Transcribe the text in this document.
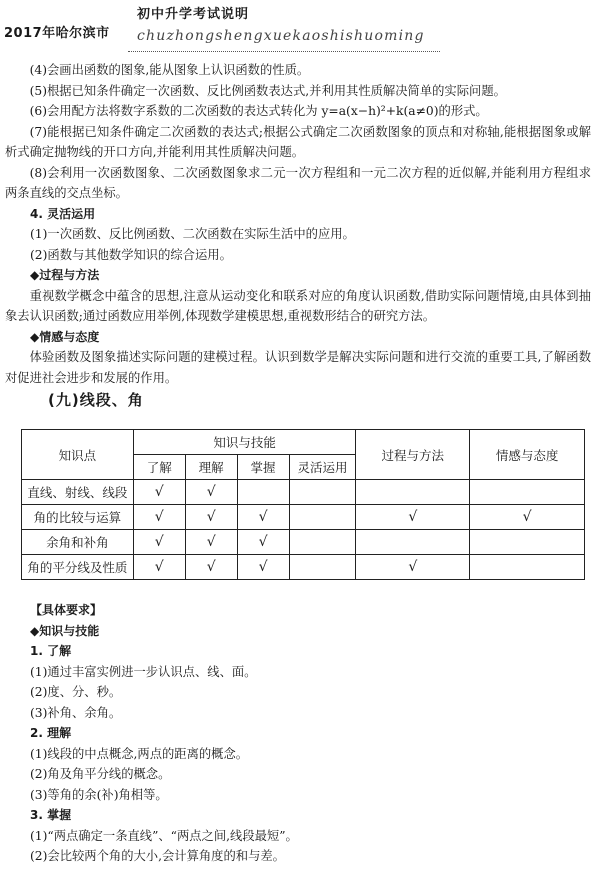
2017年哈尔滨市
初中升学考试说明
chuzhongshengxuekaoshishuoming

(4)会画出函数的图象,能从图象上认识函数的性质。

(5)根据已知条件确定一次函数、反比例函数表达式,并利用其性质解决简单的实际问题。

(6)会用配方法将数字系数的二次函数的表达式转化为 y=a(x−h)²+k(a≠0)的形式。

(7)能根据已知条件确定二次函数的表达式;根据公式确定二次函数图象的顶点和对称轴,能根据图象或解析式确定抛物线的开口方向,并能利用其性质解决问题。

(8)会利用一次函数图象、二次函数图象求二元一次方程组和一元二次方程的近似解,并能利用方程组求两条直线的交点坐标。

4. 灵活运用

(1)一次函数、反比例函数、二次函数在实际生活中的应用。

(2)函数与其他数学知识的综合运用。

◆过程与方法

重视数学概念中蕴含的思想,注意从运动变化和联系对应的角度认识函数,借助实际问题情境,由具体到抽象去认识函数;通过函数应用举例,体现数学建模思想,重视数形结合的研究方法。

◆情感与态度

体验函数及图象描述实际问题的建模过程。认识到数学是解决实际问题和进行交流的重要工具,了解函数对促进社会进步和发展的作用。

(九)线段、角
知识点	知识与技能				过程与方法	情感与态度
	了解	理解	掌握	灵活运用		
直线、射线、线段	√	√				
角的比较与运算	√	√	√		√	√
余角和补角	√	√	√			
角的平分线及性质	√	√	√		√	

【具体要求】

◆知识与技能

1. 了解

(1)通过丰富实例进一步认识点、线、面。

(2)度、分、秒。

(3)补角、余角。

2. 理解

(1)线段的中点概念,两点的距离的概念。

(2)角及角平分线的概念。

(3)等角的余(补)角相等。

3. 掌握

(1)“两点确定一条直线”、“两点之间,线段最短”。

(2)会比较两个角的大小,会计算角度的和与差。
